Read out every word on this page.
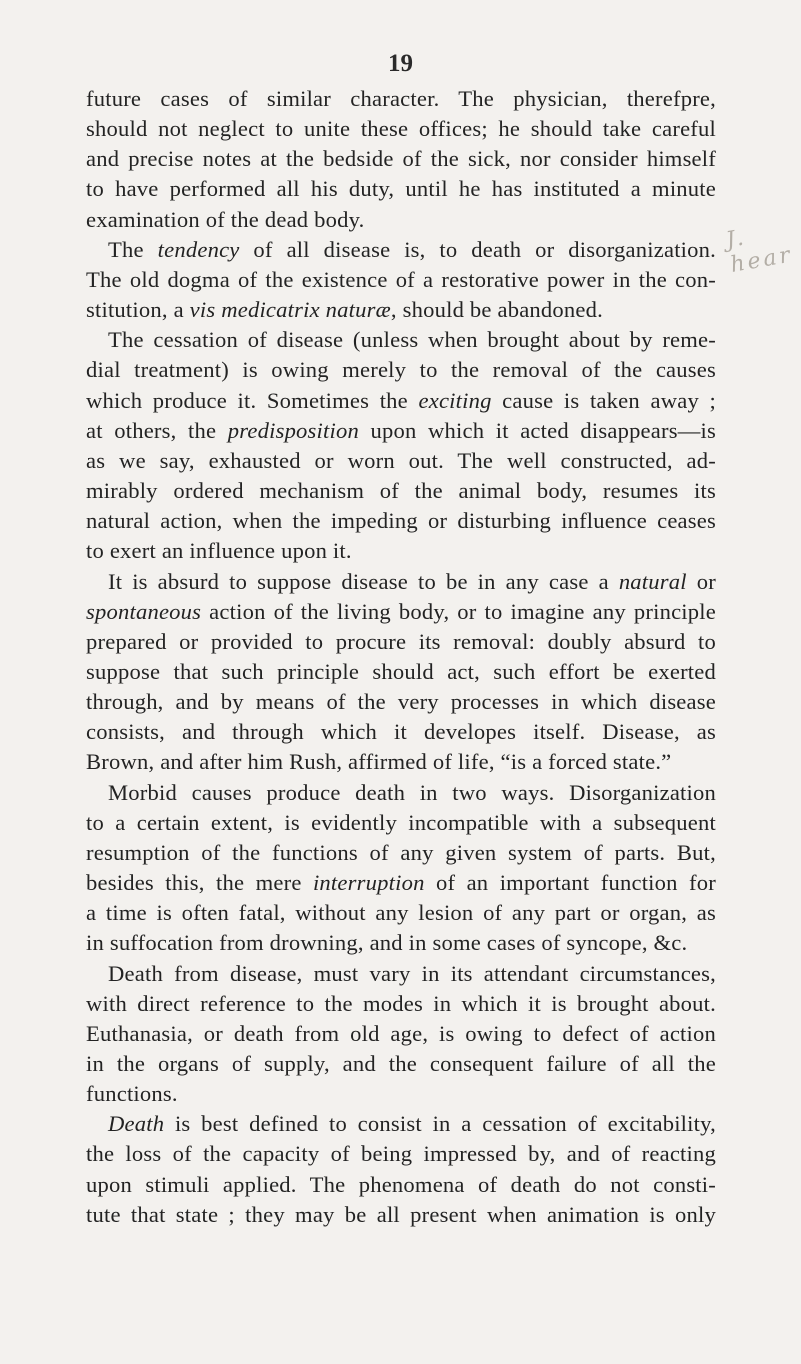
19
J. hear
future cases of similar character. The physician, therefpre,
should not neglect to unite these offices; he should take careful
and precise notes at the bedside of the sick, nor consider himself
to have performed all his duty, until he has instituted a minute
examination of the dead body.
The tendency of all disease is, to death or disorganization.
The old dogma of the existence of a restorative power in the con-
stitution, a vis medicatrix naturæ, should be abandoned.
The cessation of disease (unless when brought about by reme-
dial treatment) is owing merely to the removal of the causes
which produce it. Sometimes the exciting cause is taken away ;
at others, the predisposition upon which it acted disappears—is
as we say, exhausted or worn out. The well constructed, ad-
mirably ordered mechanism of the animal body, resumes its
natural action, when the impeding or disturbing influence ceases
to exert an influence upon it.
It is absurd to suppose disease to be in any case a natural or
spontaneous action of the living body, or to imagine any principle
prepared or provided to procure its removal: doubly absurd to
suppose that such principle should act, such effort be exerted
through, and by means of the very processes in which disease
consists, and through which it developes itself. Disease, as
Brown, and after him Rush, affirmed of life, “is a forced state.”
Morbid causes produce death in two ways. Disorganization
to a certain extent, is evidently incompatible with a subsequent
resumption of the functions of any given system of parts. But,
besides this, the mere interruption of an important function for
a time is often fatal, without any lesion of any part or organ, as
in suffocation from drowning, and in some cases of syncope, &c.
Death from disease, must vary in its attendant circumstances,
with direct reference to the modes in which it is brought about.
Euthanasia, or death from old age, is owing to defect of action
in the organs of supply, and the consequent failure of all the
functions.
Death is best defined to consist in a cessation of excitability,
the loss of the capacity of being impressed by, and of reacting
upon stimuli applied. The phenomena of death do not consti-
tute that state ; they may be all present when animation is only
